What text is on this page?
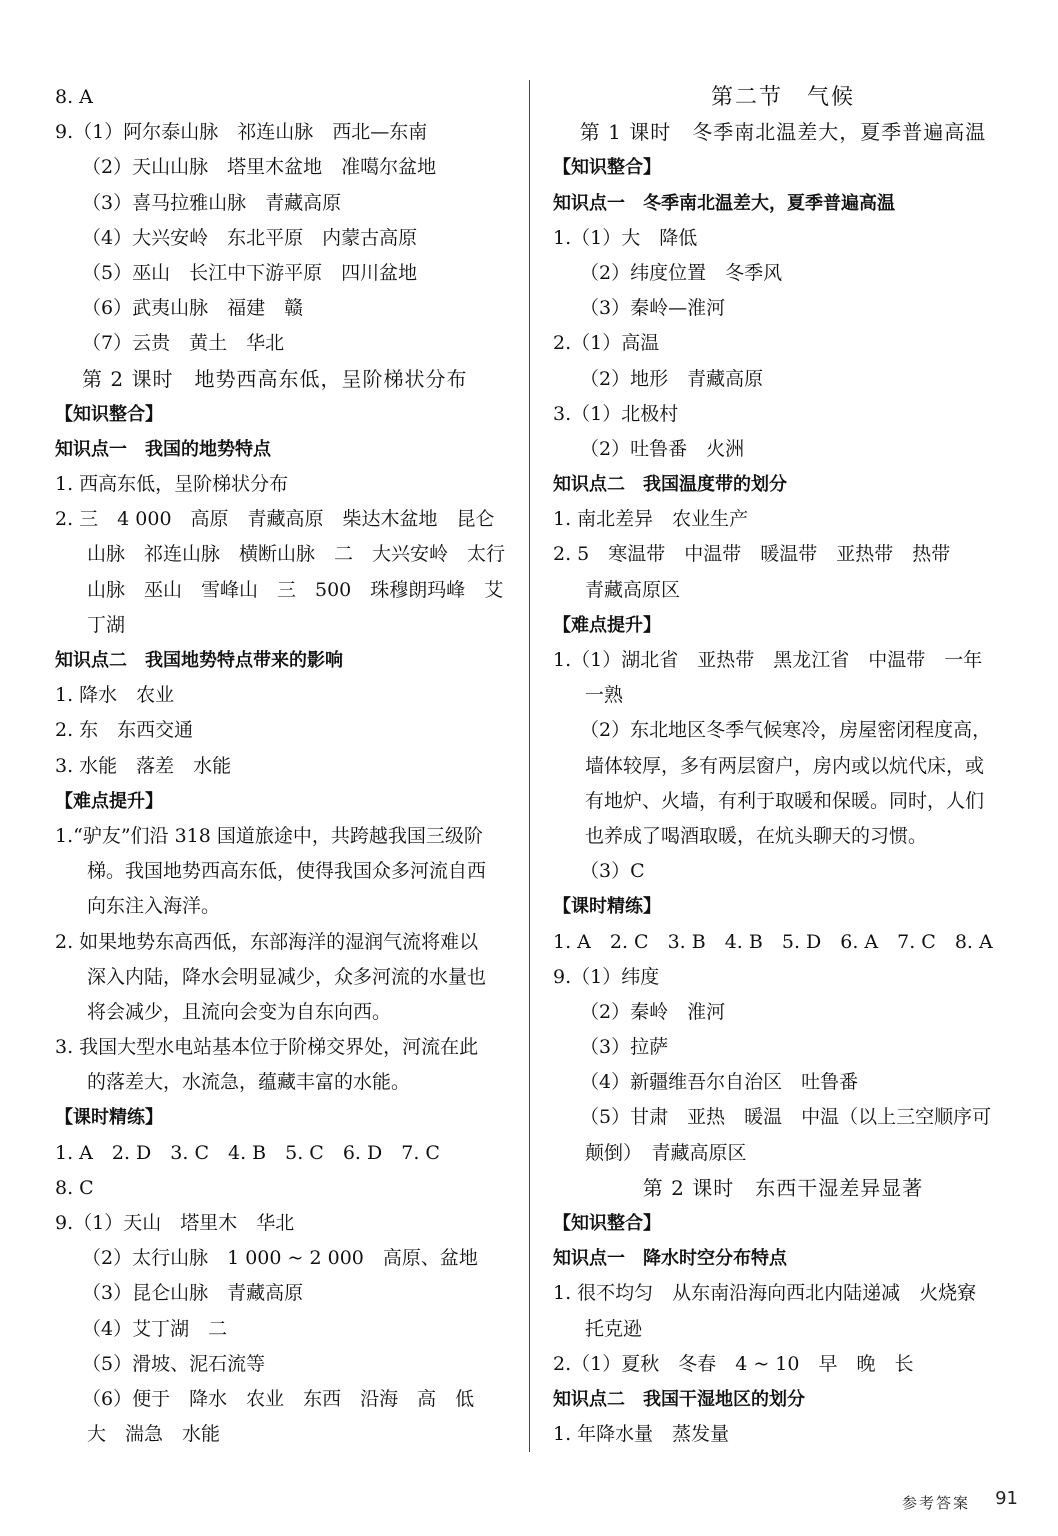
8. A
9.（1）阿尔泰山脉　祁连山脉　西北—东南
（2）天山山脉　塔里木盆地　准噶尔盆地
（3）喜马拉雅山脉　青藏高原
（4）大兴安岭　东北平原　内蒙古高原
（5）巫山　长江中下游平原　四川盆地
（6）武夷山脉　福建　赣
（7）云贵　黄土　华北
第 2 课时　地势西高东低，呈阶梯状分布
【知识整合】
知识点一　我国的地势特点
1. 西高东低，呈阶梯状分布
2. 三　4 000　高原　青藏高原　柴达木盆地　昆仑
山脉　祁连山脉　横断山脉　二　大兴安岭　太行
山脉　巫山　雪峰山　三　500　珠穆朗玛峰　艾
丁湖
知识点二　我国地势特点带来的影响
1. 降水　农业
2. 东　东西交通
3. 水能　落差　水能
【难点提升】
1.“驴友”们沿 318 国道旅途中，共跨越我国三级阶
梯。我国地势西高东低，使得我国众多河流自西
向东注入海洋。
2. 如果地势东高西低，东部海洋的湿润气流将难以
深入内陆，降水会明显减少，众多河流的水量也
将会减少，且流向会变为自东向西。
3. 我国大型水电站基本位于阶梯交界处，河流在此
的落差大，水流急，蕴藏丰富的水能。
【课时精练】
1. A　2. D　3. C　4. B　5. C　6. D　7. C
8. C
9.（1）天山　塔里木　华北
（2）太行山脉　1 000 ~ 2 000　高原、盆地
（3）昆仑山脉　青藏高原
（4）艾丁湖　二
（5）滑坡、泥石流等
（6）便于　降水　农业　东西　沿海　高　低
大　湍急　水能
第二节　气候
第 1 课时　冬季南北温差大，夏季普遍高温
【知识整合】
知识点一　冬季南北温差大，夏季普遍高温
1.（1）大　降低
（2）纬度位置　冬季风
（3）秦岭—淮河
2.（1）高温
（2）地形　青藏高原
3.（1）北极村
（2）吐鲁番　火洲
知识点二　我国温度带的划分
1. 南北差异　农业生产
2. 5　寒温带　中温带　暖温带　亚热带　热带
青藏高原区
【难点提升】
1.（1）湖北省　亚热带　黑龙江省　中温带　一年
一熟
（2）东北地区冬季气候寒冷，房屋密闭程度高，
墙体较厚，多有两层窗户，房内或以炕代床，或
有地炉、火墙，有利于取暖和保暖。同时，人们
也养成了喝酒取暖，在炕头聊天的习惯。
（3）C
【课时精练】
1. A　2. C　3. B　4. B　5. D　6. A　7. C　8. A
9.（1）纬度
（2）秦岭　淮河
（3）拉萨
（4）新疆维吾尔自治区　吐鲁番
（5）甘肃　亚热　暖温　中温（以上三空顺序可
颠倒）　青藏高原区
第 2 课时　东西干湿差异显著
【知识整合】
知识点一　降水时空分布特点
1. 很不均匀　从东南沿海向西北内陆递减　火烧寮
托克逊
2.（1）夏秋　冬春　4 ~ 10　早　晚　长
知识点二　我国干湿地区的划分
1. 年降水量　蒸发量
参考答案 91
